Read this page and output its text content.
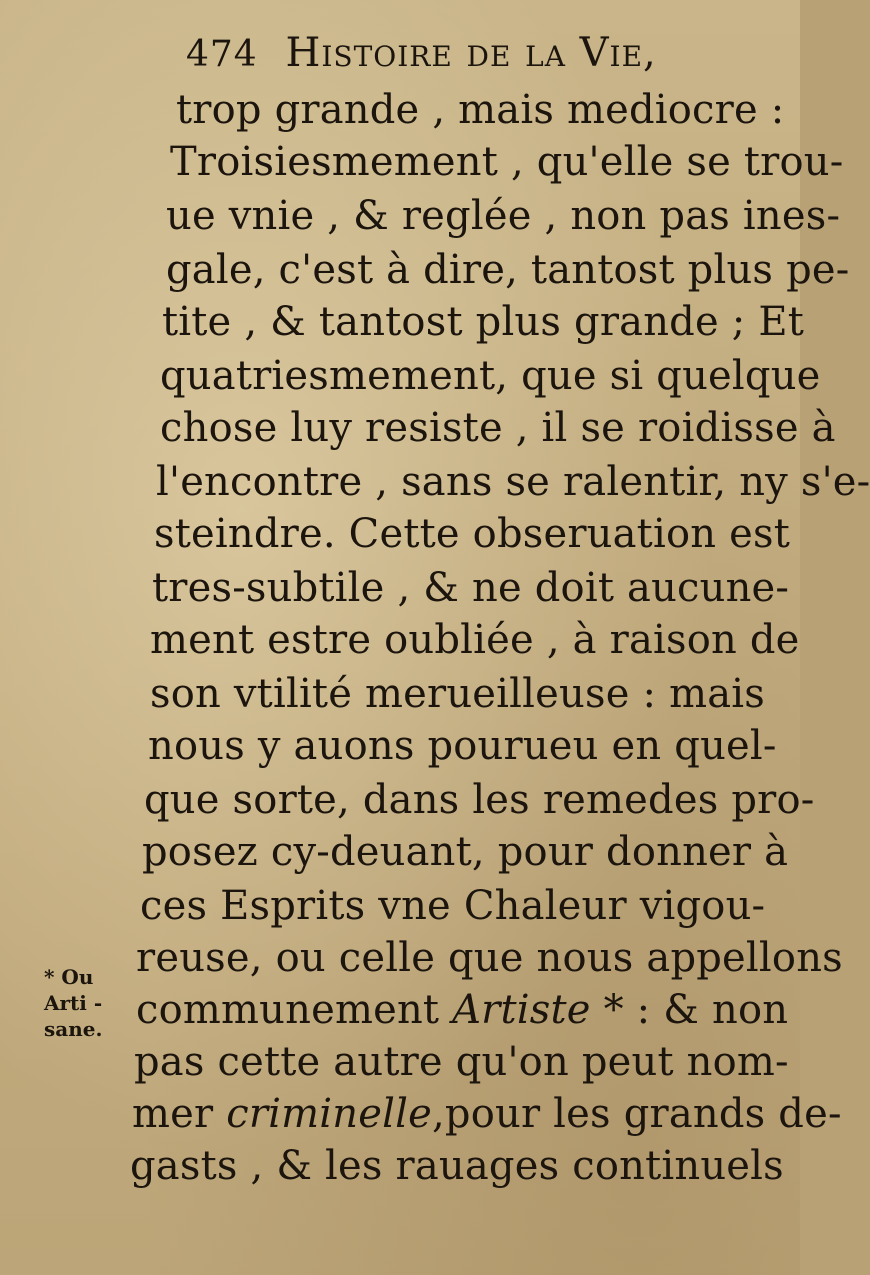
474 Histoire de la Vie,
trop grande , mais mediocre :
Troisiesmement , qu'elle se trou-
ue vnie , & reglée , non pas ines-
gale, c'est à dire, tantost plus pe-
tite , & tantost plus grande ; Et
quatriesmement, que si quelque
chose luy resiste , il se roidisse à
l'encontre , sans se ralentir, ny s'e-
steindre. Cette obseruation est
tres-subtile , & ne doit aucune-
ment estre oubliée , à raison de
son vtilité merueilleuse : mais
nous y auons pourueu en quel-
que sorte, dans les remedes pro-
posez cy-deuant, pour donner à
ces Esprits vne Chaleur vigou-
reuse, ou celle que nous appellons
communement Artiste * : & non
pas cette autre qu'on peut nom-
mer criminelle,pour les grands de-
gasts , & les rauages continuels
* Ou
Arti -
sane.
